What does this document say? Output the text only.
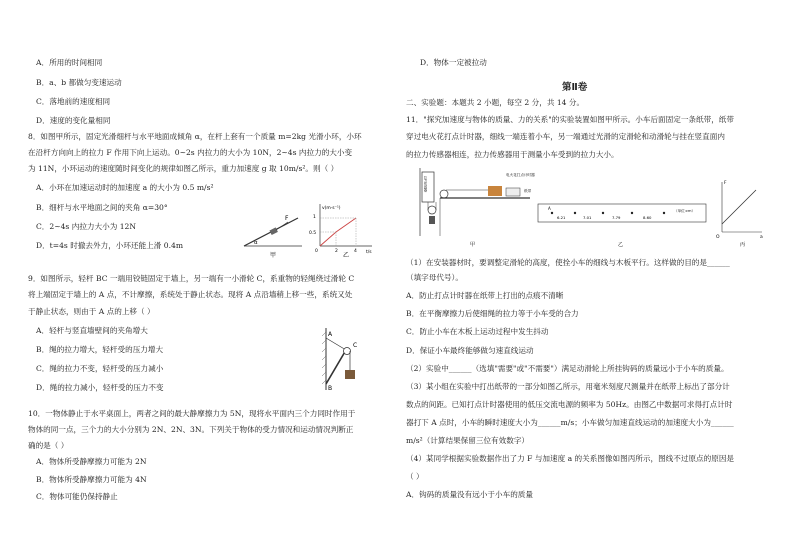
A．所用的时间相同
B．a、b 都做匀变速运动
C．落地前的速度相同
D．速度的变化量相同
8．如图甲所示，固定光滑细杆与水平地面成倾角 α，在杆上套有一个质量 m=2kg 光滑小环，小环
在沿杆方向向上的拉力 F 作用下向上运动。0~2s 内拉力的大小为 10N，2~4s 内拉力的大小变
为 11N，小环运动的速度随时间变化的规律如图乙所示，重力加速度 g 取 10m/s²。则（ ）
A．小环在加速运动时的加速度 a 的大小为 0.5 m/s²
B．细杆与水平地面之间的夹角 α=30°
C．2~4s 内拉力大小为 12N
D．t=4s 时撤去外力，小环还能上滑 0.4m
F
α
甲
v(m·s⁻¹)
t/s
0	2	4
1
0.5
乙
9．如图所示，轻杆 BC 一端用铰链固定于墙上，另一端有一小滑轮 C，系重物的轻绳绕过滑轮 C
将上端固定于墙上的 A 点，不计摩擦，系统处于静止状态。现将 A 点沿墙稍上移一些，系统又处
于静止状态，则由于 A 点的上移（ ）
A．轻杆与竖直墙壁间的夹角增大
B．绳的拉力增大，轻杆受的压力增大
C．绳的拉力不变，轻杆受的压力减小
D．绳的拉力减小，轻杆受的压力不变
A
B
C
10．一物体静止于水平桌面上，两者之间的最大静摩擦力为 5N，现将水平面内三个力同时作用于
物体的同一点，三个力的大小分别为 2N、2N、3N。下列关于物体的受力情况和运动情况判断正
确的是（ ）
A．物体所受静摩擦力可能为 2N
B．物体所受静摩擦力可能为 4N
C．物体可能仍保持静止
D．物体一定被拉动
第Ⅱ卷
二、实验题：本题共 2 小题，每空 2 分，共 14 分。
11．"探究加速度与物体的质量、力的关系"的实验装置如图甲所示。小车后面固定一条纸带，纸带
穿过电火花打点计时器，细线一端连着小车，另一端通过光滑的定滑轮和动滑轮与挂在竖直面内
的拉力传感器相连，拉力传感器用于测量小车受到的拉力大小。
拉力传感器
电火花打点计时器
纸带
甲
A
6.21	7.01	7.79	8.60
（单位:cm）
乙
F
a
O
丙
（1）在安装器材时，要调整定滑轮的高度，使拴小车的细线与木板平行。这样做的目的是______
（填字母代号）。
A．防止打点计时器在纸带上打出的点痕不清晰
B．在平衡摩擦力后使细绳的拉力等于小车受的合力
C．防止小车在木板上运动过程中发生抖动
D．保证小车最终能够做匀速直线运动
（2）实验中______（选填"需要"或"不需要"）满足动滑轮上所挂钩码的质量远小于小车的质量。
（3）某小组在实验中打出纸带的一部分如图乙所示，用毫米刻度尺测量并在纸带上标出了部分计
数点的间距。已知打点计时器使用的低压交流电源的频率为 50Hz。由图乙中数据可求得打点计时
器打下 A 点时，小车的瞬时速度大小为______m/s；小车做匀加速直线运动的加速度大小为______
m/s²（计算结果保留三位有效数字）
（4）某同学根据实验数据作出了力 F 与加速度 a 的关系图像如图丙所示，图线不过原点的原因是
（ ）
A．钩码的质量没有远小于小车的质量
